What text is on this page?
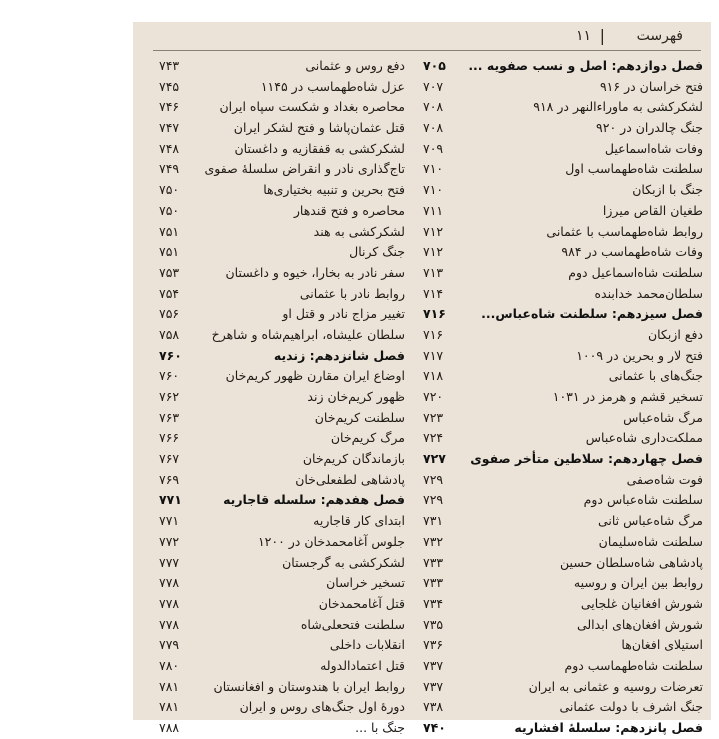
فهرست
|
۱۱
فصل دوازدهم: اصل و نسب صفویه ...
۷۰۵
فتح خراسان در ۹۱۶
۷۰۷
لشکرکشی به ماوراءالنهر در ۹۱۸
۷۰۸
جنگ چالدران در ۹۲۰
۷۰۸
وفات شاه‌اسماعیل
۷۰۹
سلطنت شاه‌طهماسب اول
۷۱۰
جنگ با ازبکان
۷۱۰
طغیان القاص میرزا
۷۱۱
روابط شاه‌طهماسب با عثمانی
۷۱۲
وفات شاه‌طهماسب در ۹۸۴
۷۱۲
سلطنت شاه‌اسماعیل دوم
۷۱۳
سلطان‌محمد خدابنده
۷۱۴
فصل سیزدهم: سلطنت شاه‌عباس...
۷۱۶
دفع ازبکان
۷۱۶
فتح لار و بحرین در ۱۰۰۹
۷۱۷
جنگ‌های با عثمانی
۷۱۸
تسخیر قشم و هرمز در ۱۰۳۱
۷۲۰
مرگ شاه‌عباس
۷۲۳
مملکت‌داری شاه‌عباس
۷۲۴
فصل چهاردهم: سلاطین متأخر صفوی
۷۲۷
فوت شاه‌صفی
۷۲۹
سلطنت شاه‌عباس دوم
۷۲۹
مرگ شاه‌عباس ثانی
۷۳۱
سلطنت شاه‌سلیمان
۷۳۲
پادشاهی شاه‌سلطان حسین
۷۳۳
روابط بین ایران و روسیه
۷۳۳
شورش افغانیان غلجایی
۷۳۴
شورش افغان‌های ابدالی
۷۳۵
استیلای افغان‌ها
۷۳۶
سلطنت شاه‌طهماسب دوم
۷۳۷
تعرضات روسیه و عثمانی به ایران
۷۳۷
جنگ اشرف با دولت عثمانی
۷۳۸
فصل پانزدهم: سلسلهٔ افشاریه
۷۴۰
دفع روس و عثمانی
۷۴۳
عزل شاه‌طهماسب در ۱۱۴۵
۷۴۵
محاصره بغداد و شکست سپاه ایران
۷۴۶
قتل عثمان‌پاشا و فتح لشکر ایران
۷۴۷
لشکرکشی به قفقازیه و داغستان
۷۴۸
تاج‌گذاری نادر و انقراض سلسلهٔ صفوی
۷۴۹
فتح بحرین و تنبیه بختیاری‌ها
۷۵۰
محاصره و فتح قندهار
۷۵۰
لشکرکشی به هند
۷۵۱
جنگ کرنال
۷۵۱
سفر نادر به بخارا، خیوه و داغستان
۷۵۳
روابط نادر با عثمانی
۷۵۴
تغییر مزاج نادر و قتل او
۷۵۶
سلطان علیشاه، ابراهیم‌شاه و شاهرخ
۷۵۸
فصل شانزدهم: زندیه
۷۶۰
اوضاع ایران مقارن ظهور کریم‌خان
۷۶۰
ظهور کریم‌خان زند
۷۶۲
سلطنت کریم‌خان
۷۶۳
مرگ کریم‌خان
۷۶۶
بازماندگان کریم‌خان
۷۶۷
پادشاهی لطفعلی‌خان
۷۶۹
فصل هفدهم: سلسله قاجاریه
۷۷۱
ابتدای کار قاجاریه
۷۷۱
جلوس آغامحمدخان در ۱۲۰۰
۷۷۲
لشکرکشی به گرجستان
۷۷۷
تسخیر خراسان
۷۷۸
قتل آغامحمدخان
۷۷۸
سلطنت فتحعلی‌شاه
۷۷۸
انقلابات داخلی
۷۷۹
قتل اعتمادالدوله
۷۸۰
روابط ایران با هندوستان و افغانستان
۷۸۱
دورهٔ اول جنگ‌های روس و ایران
۷۸۱
جنگ با ...
۷۸۸
